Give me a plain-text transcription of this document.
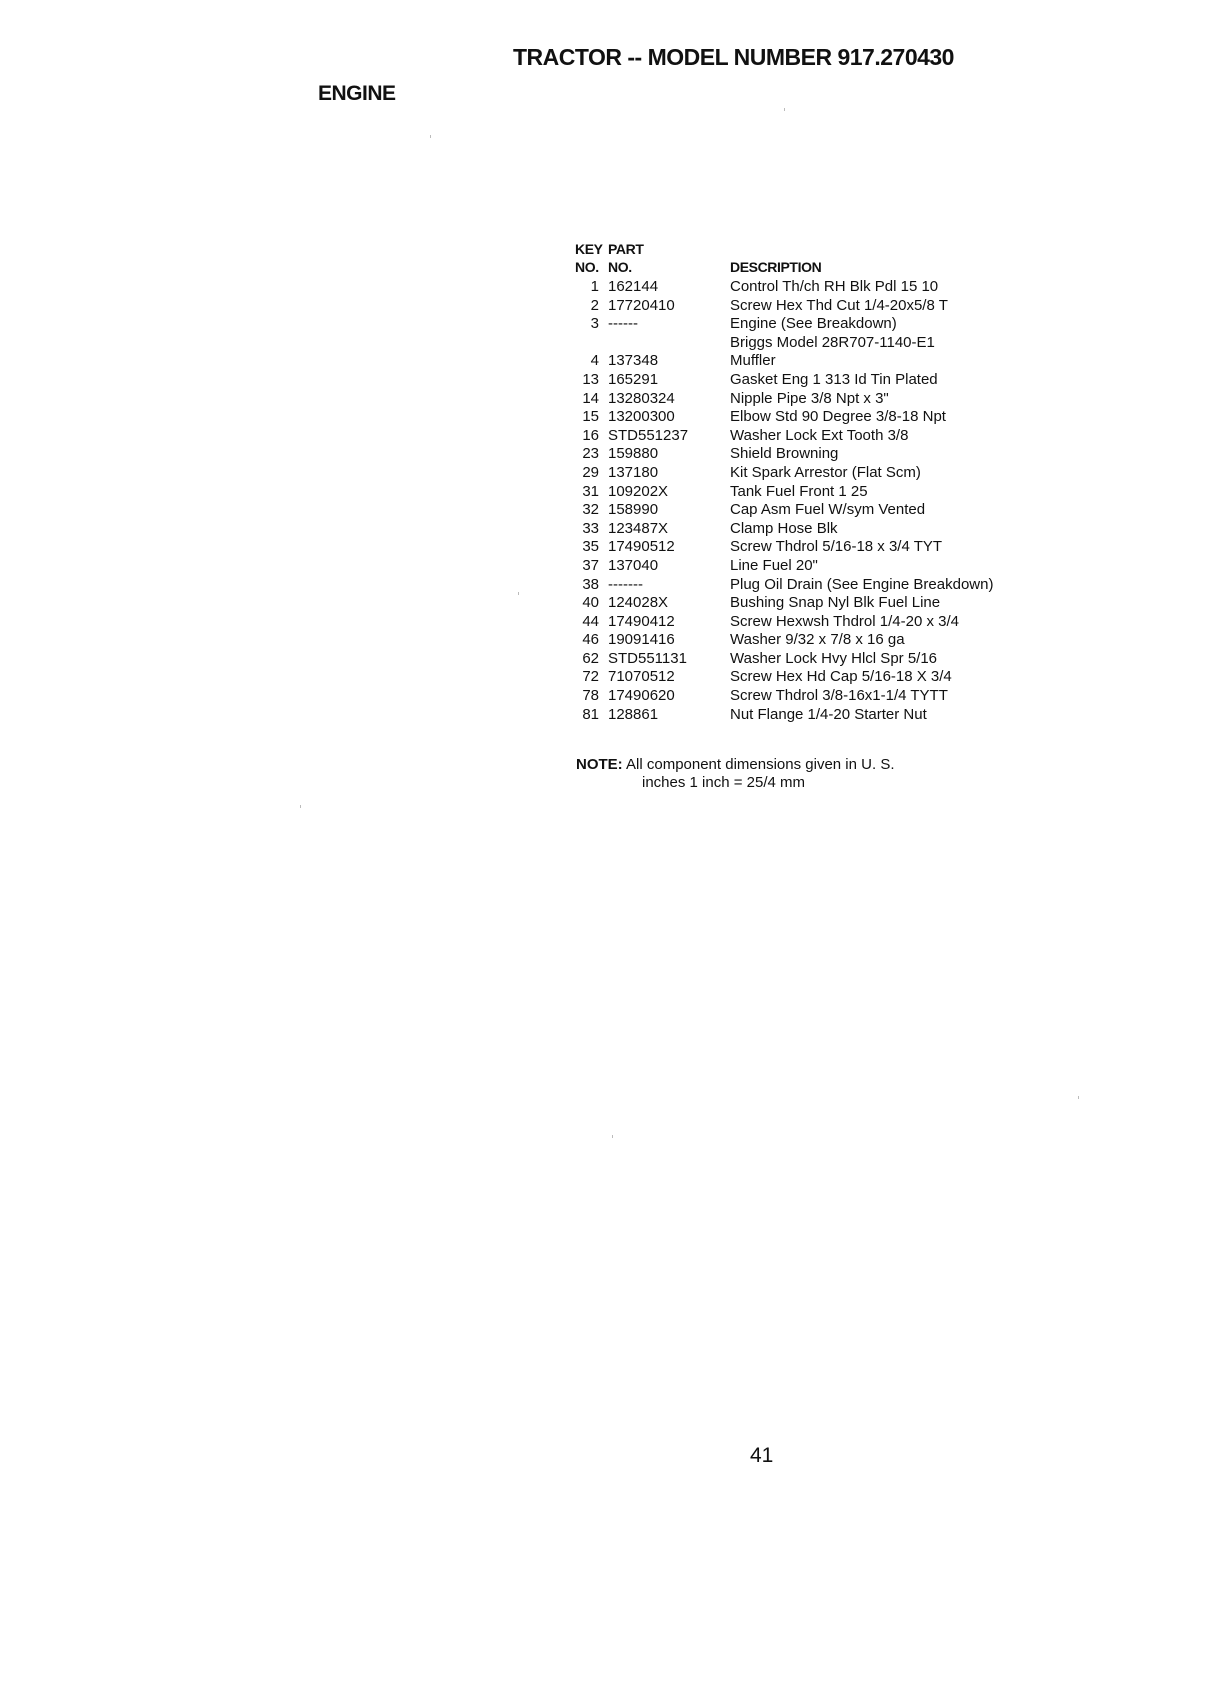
TRACTOR -- MODEL NUMBER 917.270430
ENGINE
KEY PART
NO. NO.	DESCRIPTION
1 162144	Control Th/ch RH Blk Pdl 15 10
2 17720410	Screw Hex Thd Cut 1/4-20x5/8 T
3 ------	Engine (See Breakdown)
Briggs Model 28R707-1140-E1
4 137348	Muffler
13 165291	Gasket Eng 1 313 Id Tin Plated
14 13280324	Nipple Pipe 3/8 Npt x 3"
15 13200300	Elbow Std 90 Degree 3/8-18 Npt
16 STD551237	Washer Lock Ext Tooth 3/8
23 159880	Shield Browning
29 137180	Kit Spark Arrestor (Flat Scm)
31 109202X	Tank Fuel Front 1 25
32 158990	Cap Asm Fuel W/sym Vented
33 123487X	Clamp Hose Blk
35 17490512	Screw Thdrol 5/16-18 x 3/4 TYT
37 137040	Line Fuel 20"
38 -------	Plug Oil Drain (See Engine Breakdown)
40 124028X	Bushing Snap Nyl Blk Fuel Line
44 17490412	Screw Hexwsh Thdrol 1/4-20 x 3/4
46 19091416	Washer 9/32 x 7/8 x 16 ga
62 STD551131	Washer Lock Hvy Hlcl Spr 5/16
72 71070512	Screw Hex Hd Cap 5/16-18 X 3/4
78 17490620	Screw Thdrol 3/8-16x1-1/4 TYTT
81 128861	Nut Flange 1/4-20 Starter Nut
NOTE: All component dimensions given in U. S.
inches 1 inch = 25/4 mm
41
